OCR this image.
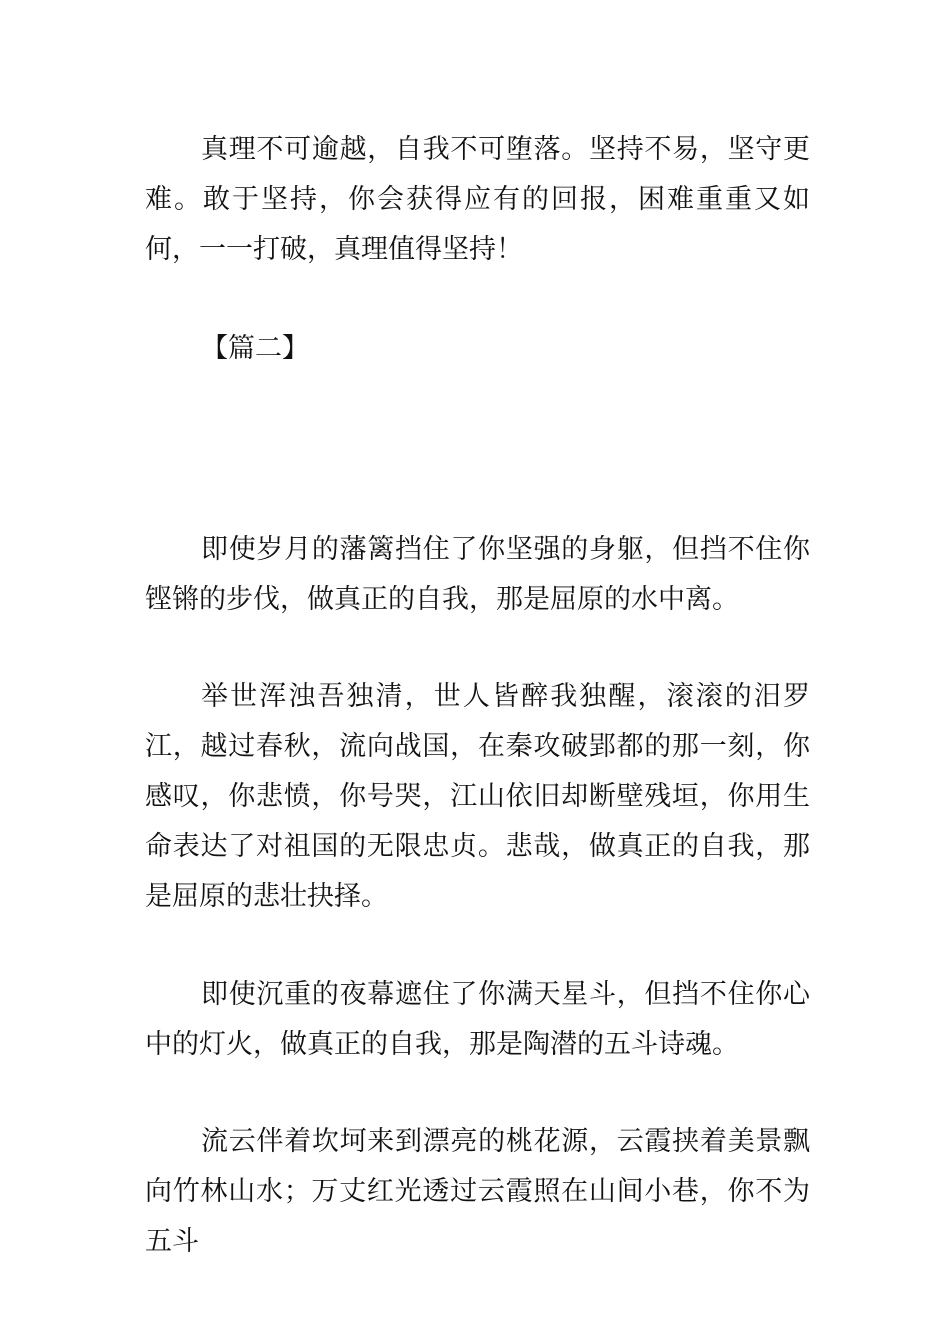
真理不可逾越，自我不可堕落。坚持不易，坚守更难。敢于坚持，你会获得应有的回报，困难重重又如何，一一打破，真理值得坚持！

【篇二】

即使岁月的藩篱挡住了你坚强的身躯，但挡不住你铿锵的步伐，做真正的自我，那是屈原的水中离。

举世浑浊吾独清，世人皆醉我独醒，滚滚的汨罗江，越过春秋，流向战国，在秦攻破郢都的那一刻，你感叹，你悲愤，你号哭，江山依旧却断壁残垣，你用生命表达了对祖国的无限忠贞。悲哉，做真正的自我，那是屈原的悲壮抉择。

即使沉重的夜幕遮住了你满天星斗，但挡不住你心中的灯火，做真正的自我，那是陶潜的五斗诗魂。

流云伴着坎坷来到漂亮的桃花源，云霞挟着美景飘向竹林山水；万丈红光透过云霞照在山间小巷，你不为五斗
